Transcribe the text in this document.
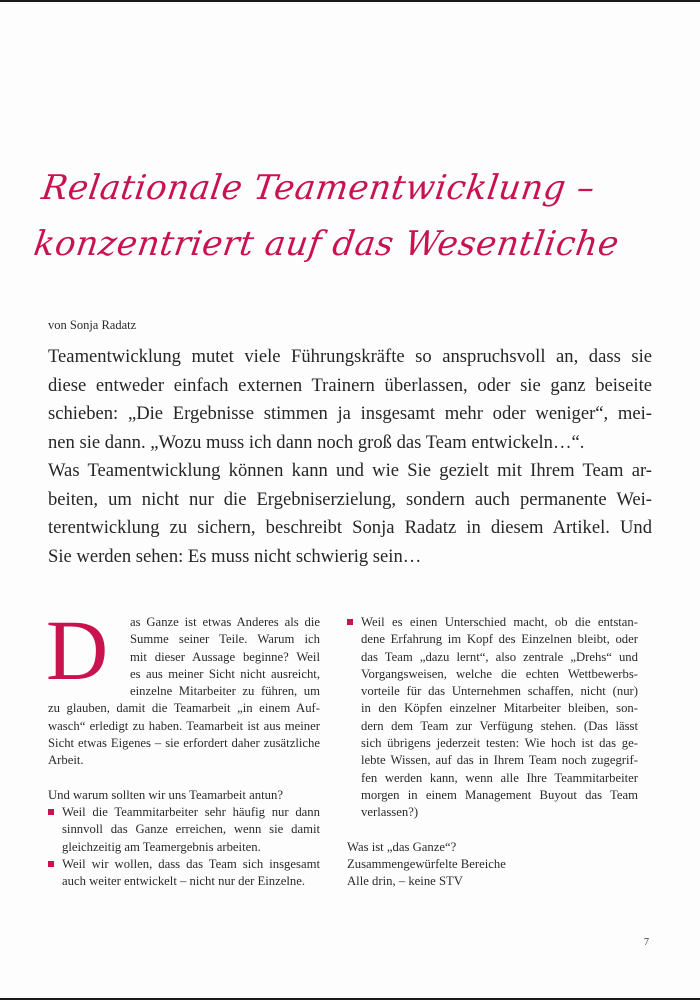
Relationale Teamentwicklung –
konzentriert auf das Wesentliche
von Sonja Radatz
Teamentwicklung mutet viele Führungskräfte so anspruchsvoll an, dass sie
diese entweder einfach externen Trainern überlassen, oder sie ganz beiseite
schieben: „Die Ergebnisse stimmen ja insgesamt mehr oder weniger“, mei-
nen sie dann. „Wozu muss ich dann noch groß das Team entwickeln…“.
Was Teamentwicklung können kann und wie Sie gezielt mit Ihrem Team ar-
beiten, um nicht nur die Ergebniserzielung, sondern auch permanente Wei-
terentwicklung zu sichern, beschreibt Sonja Radatz in diesem Artikel. Und
Sie werden sehen: Es muss nicht schwierig sein…
D	as Ganze ist etwas Anderes als die
Summe seiner Teile. Warum ich
mit dieser Aussage beginne? Weil
es aus meiner Sicht nicht ausreicht,
einzelne Mitarbeiter zu führen, um
zu glauben, damit die Teamarbeit „in einem Auf-
wasch“ erledigt zu haben. Teamarbeit ist aus meiner
Sicht etwas Eigenes – sie erfordert daher zusätzliche
Arbeit.
Und warum sollten wir uns Teamarbeit antun?
Weil die Teammitarbeiter sehr häufig nur dann
sinnvoll das Ganze erreichen, wenn sie damit
gleichzeitig am Teamergebnis arbeiten.
Weil wir wollen, dass das Team sich insgesamt
auch weiter entwickelt – nicht nur der Einzelne.
Weil es einen Unterschied macht, ob die entstan-
dene Erfahrung im Kopf des Einzelnen bleibt, oder
das Team „dazu lernt“, also zentrale „Drehs“ und
Vorgangsweisen, welche die echten Wettbewerbs-
vorteile für das Unternehmen schaffen, nicht (nur)
in den Köpfen einzelner Mitarbeiter bleiben, son-
dern dem Team zur Verfügung stehen. (Das lässt
sich übrigens jederzeit testen: Wie hoch ist das ge-
lebte Wissen, auf das in Ihrem Team noch zugegrif-
fen werden kann, wenn alle Ihre Teammitarbeiter
morgen in einem Management Buyout das Team
verlassen?)
Was ist „das Ganze“?
Zusammengewürfelte Bereiche
Alle drin, – keine STV
7
